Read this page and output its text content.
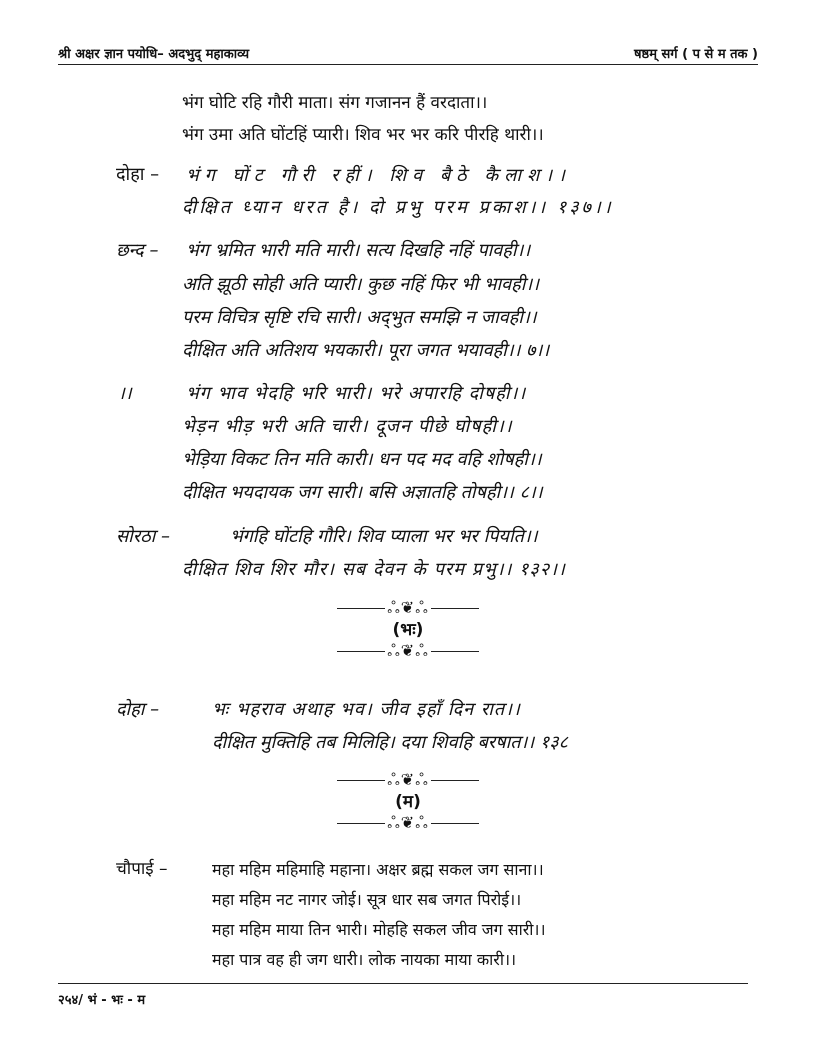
श्री अक्षर ज्ञान पयोधि– अदभुद् महाकाव्य	षष्ठम् सर्ग ( प से म तक )
भंग घोटि रहि गौरी माता। संग गजानन हैं वरदाता।।
भंग उमा अति घोंटहिं प्यारी। शिव भर भर करि पीरहि थारी।।
दोहा – भंग घोंट गौरी रहीं। शिव बैठे कैलाश।।
दीक्षित ध्यान धरत है। दो प्रभु परम प्रकाश।। १३७।।
छन्द – भंग भ्रमित भारी मति मारी। सत्य दिखहि नहिं पावही।।
अति झूठी सोही अति प्यारी। कुछ नहिं फिर भी भावही।।
परम विचित्र सृष्टि रचि सारी। अद्‌भुत समझि न जावही।।
दीक्षित अति अतिशय भयकारी। पूरा जगत भयावही।। ७।।
।।	भंग भाव भेदहि भरि भारी। भरे अपारहि दोषही।।
भेड़न भीड़ भरी अति चारी। दूजन पीछे घोषही।।
भेड़िया विकट तिन मति कारी। धन पद मद वहि शोषही।।
दीक्षित भयदायक जग सारी। बसि अज्ञातहि तोषही।। ८।।
सोरठा –	भंगहि घोंटहि गौरि। शिव प्याला भर भर पियति।।
दीक्षित शिव शिर मौर। सब देवन के परम प्रभु।। १३२।।
ஃ❦ஃ
(भः)
ஃ❦ஃ
दोहा –	भः भहराव अथाह भव। जीव इहाँ दिन रात।।
दीक्षित मुक्तिहि तब मिलिहि। दया शिवहि बरषात।। १३८
ஃ❦ஃ
(म)
ஃ❦ஃ
चौपाई –	महा महिम महिमाहि महाना। अक्षर ब्रह्म सकल जग साना।।
महा महिम नट नागर जोई। सूत्र धार सब जगत पिरोई।।
महा महिम माया तिन भारी। मोहहि सकल जीव जग सारी।।
महा पात्र वह ही जग धारी। लोक नायका माया कारी।।
२५४/ भं - भः - म
